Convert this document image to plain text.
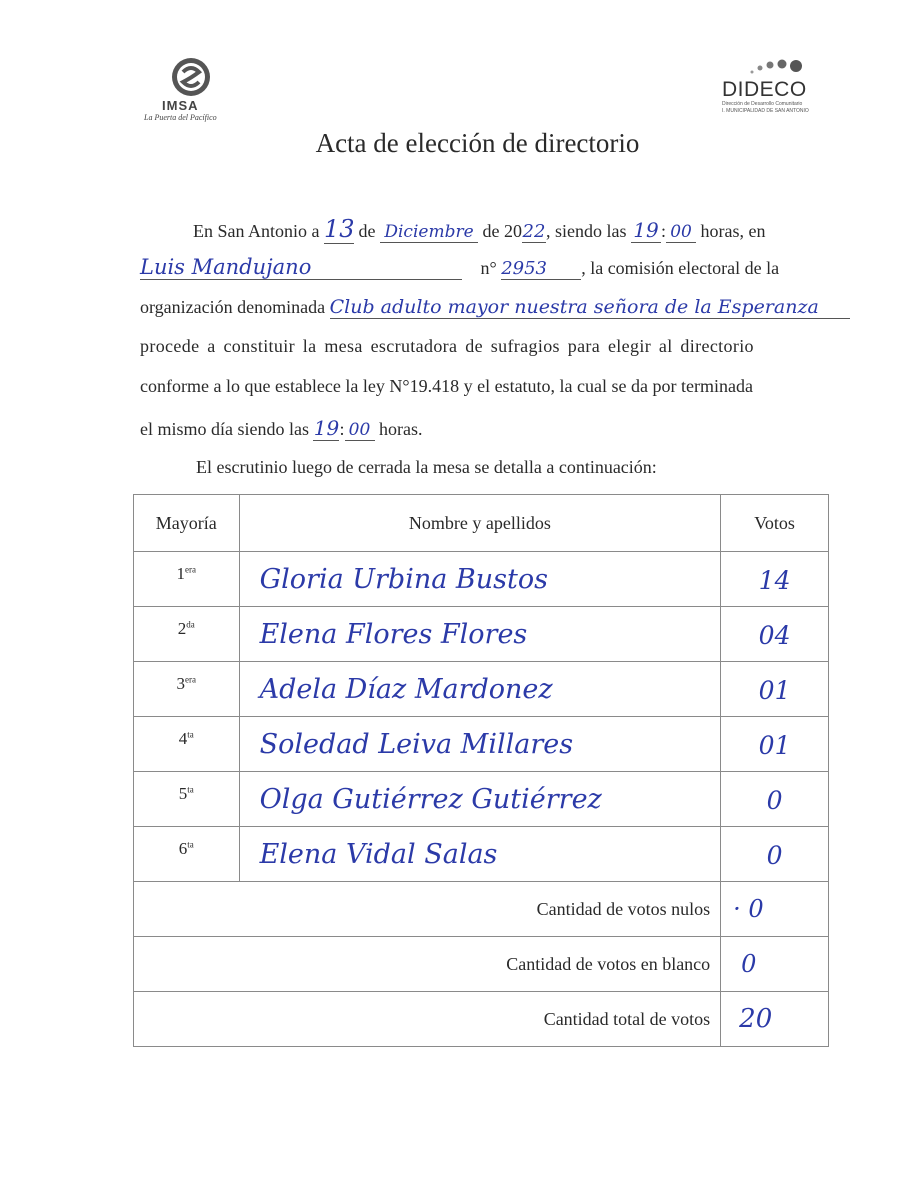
IMSA
La Puerta del Pacífico
DIDECO
Dirección de Desarrollo Comunitario
I. MUNICIPALIDAD DE SAN ANTONIO
Acta de elección de directorio
En San Antonio a 13 de Diciembre de 2022, siendo las 19 : 00 horas, en
Luis Mandujano	n° 2953 , la comisión electoral de la
organización denominada Club adulto mayor nuestra señora de la Esperanza
procede a constituir la mesa escrutadora de sufragios para elegir al directorio
conforme a lo que establece la ley N°19.418 y el estatuto, la cual se da por terminada
el mismo día siendo las 19: 00 horas.
El escrutinio luego de cerrada la mesa se detalla a continuación:
Mayoría	Nombre y apellidos	Votos

$1^{era}$	Gloria Urbina Bustos	14

$2^{da}$	Elena Flores Flores	04

$3^{era}$	Adela Díaz Mardonez	01

$4^{ta}$	Soledad Leiva Millares	01

$5^{ta}$	Olga Gutiérrez Gutiérrez	0

$6^{ta}$	Elena Vidal Salas	0

Cantidad de votos nulos		· 0
Cantidad de votos en blanco		0
Cantidad total de votos		20
